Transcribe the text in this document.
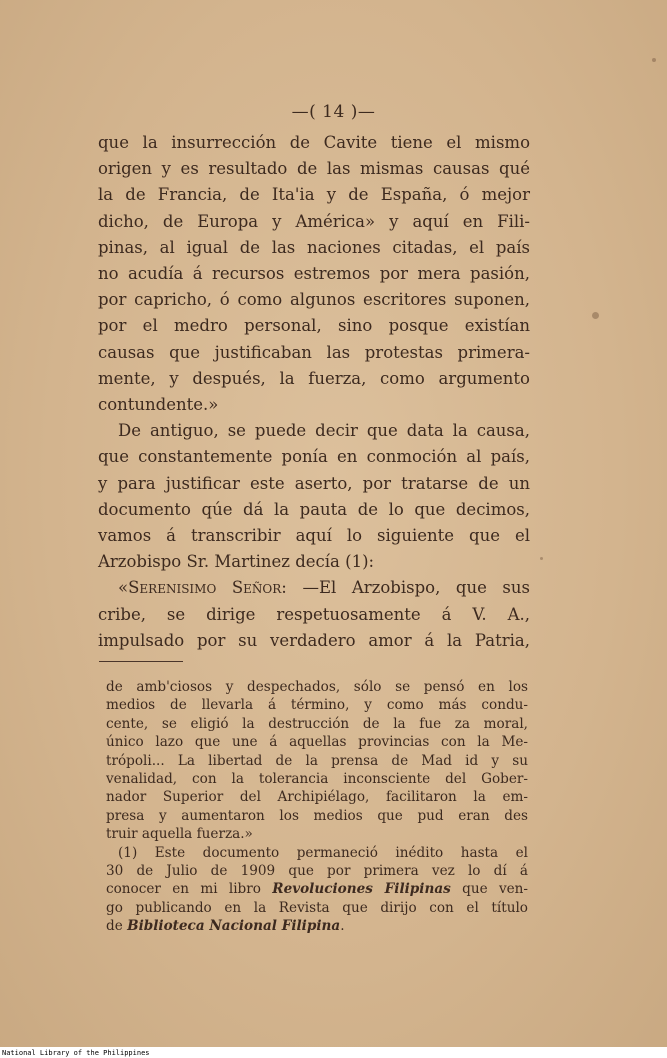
—( 14 )—
que la insurrección de Cavite tiene el mismo
origen y es resultado de las mismas causas qué
la de Francia, de Ita'ia y de España, ó mejor
dicho, de Europa y América» y aquí en Fili-
pinas, al igual de las naciones citadas, el país
no acudía á recursos estremos por mera pasión,
por capricho, ó como algunos escritores suponen,
por el medro personal, sino posque existían
causas que justificaban las protestas primera-
mente, y después, la fuerza, como argumento
contundente.»
De antiguo, se puede decir que data la causa,
que constantemente ponía en conmoción al país,
y para justificar este aserto, por tratarse de un
documento qúe dá la pauta de lo que decimos,
vamos á transcribir aquí lo siguiente que el
Arzobispo Sr. Martinez decía (1):
«Serenisimo Señor: —El Arzobispo, que sus
cribe, se dirige respetuosamente á V. A.,
impulsado por su verdadero amor á la Patria,
de amb'ciosos y despechados, sólo se pensó en los
medios de llevarla á término, y como más condu-
cente, se eligió la destrucción de la fue za moral,
único lazo que une á aquellas provincias con la Me-
trópoli... La libertad de la prensa de Mad id y su
venalidad, con la tolerancia inconsciente del Gober-
nador Superior del Archipiélago, facilitaron la em-
presa y aumentaron los medios que pud eran des
truir aquella fuerza.»
(1) Este documento permaneció inédito hasta el
30 de Julio de 1909 que por primera vez lo dí á
conocer en mi libro Revoluciones Filipinas que ven-
go publicando en la Revista que dirijo con el título
de Biblioteca Nacional Filipina.
National Library of the Philippines
